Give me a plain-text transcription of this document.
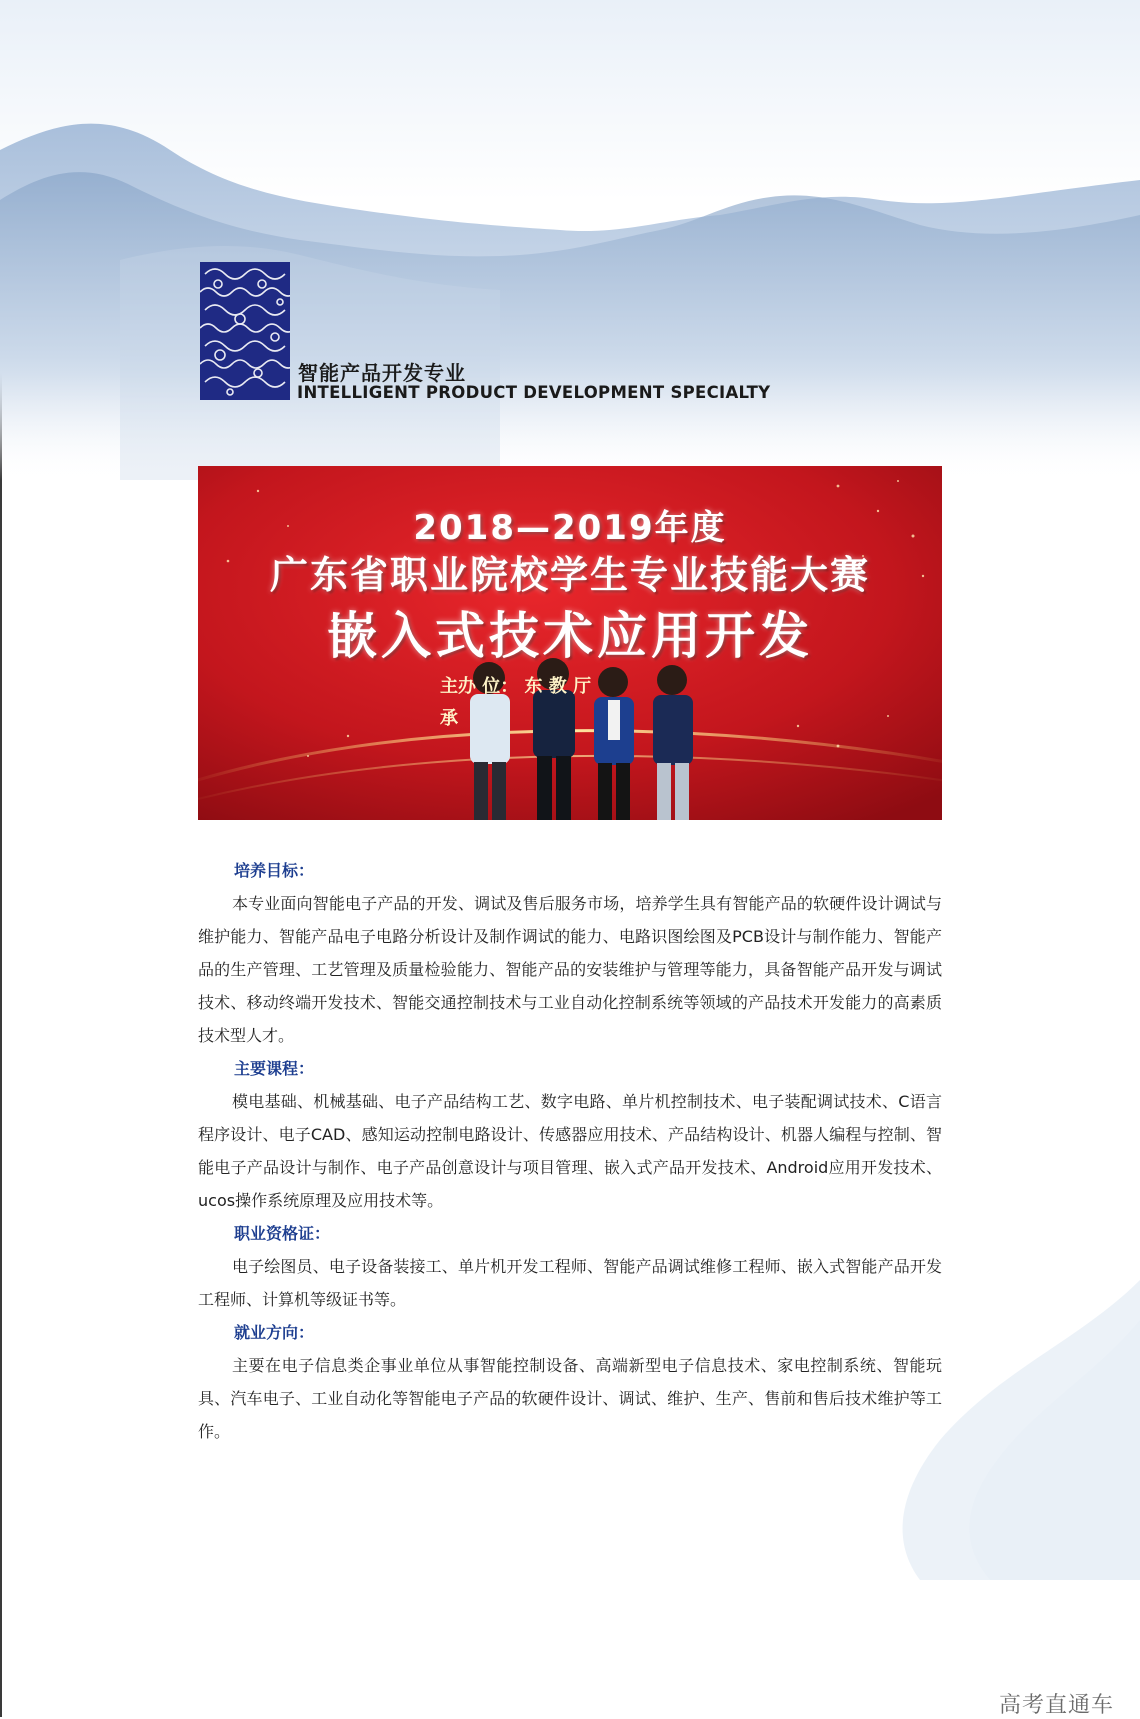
智能产品开发专业
INTELLIGENT PRODUCT DEVELOPMENT SPECIALTY
2018—2019年度
广东省职业院校学生专业技能大赛
嵌入式技术应用开发
主办 位： 东 教 厅
承

培养目标：

本专业面向智能电子产品的开发、调试及售后服务市场，培养学生具有智能产品的软硬件设计调试与维护能力、智能产品电子电路分析设计及制作调试的能力、电路识图绘图及PCB设计与制作能力、智能产品的生产管理、工艺管理及质量检验能力、智能产品的安装维护与管理等能力，具备智能产品开发与调试技术、移动终端开发技术、智能交通控制技术与工业自动化控制系统等领域的产品技术开发能力的高素质技术型人才。

主要课程：

模电基础、机械基础、电子产品结构工艺、数字电路、单片机控制技术、电子装配调试技术、C语言程序设计、电子CAD、感知运动控制电路设计、传感器应用技术、产品结构设计、机器人编程与控制、智能电子产品设计与制作、电子产品创意设计与项目管理、嵌入式产品开发技术、Android应用开发技术、ucos操作系统原理及应用技术等。

职业资格证：

电子绘图员、电子设备装接工、单片机开发工程师、智能产品调试维修工程师、嵌入式智能产品开发工程师、计算机等级证书等。

就业方向：

主要在电子信息类企事业单位从事智能控制设备、高端新型电子信息技术、家电控制系统、智能玩具、汽车电子、工业自动化等智能电子产品的软硬件设计、调试、维护、生产、售前和售后技术维护等工作。

高考直通车
